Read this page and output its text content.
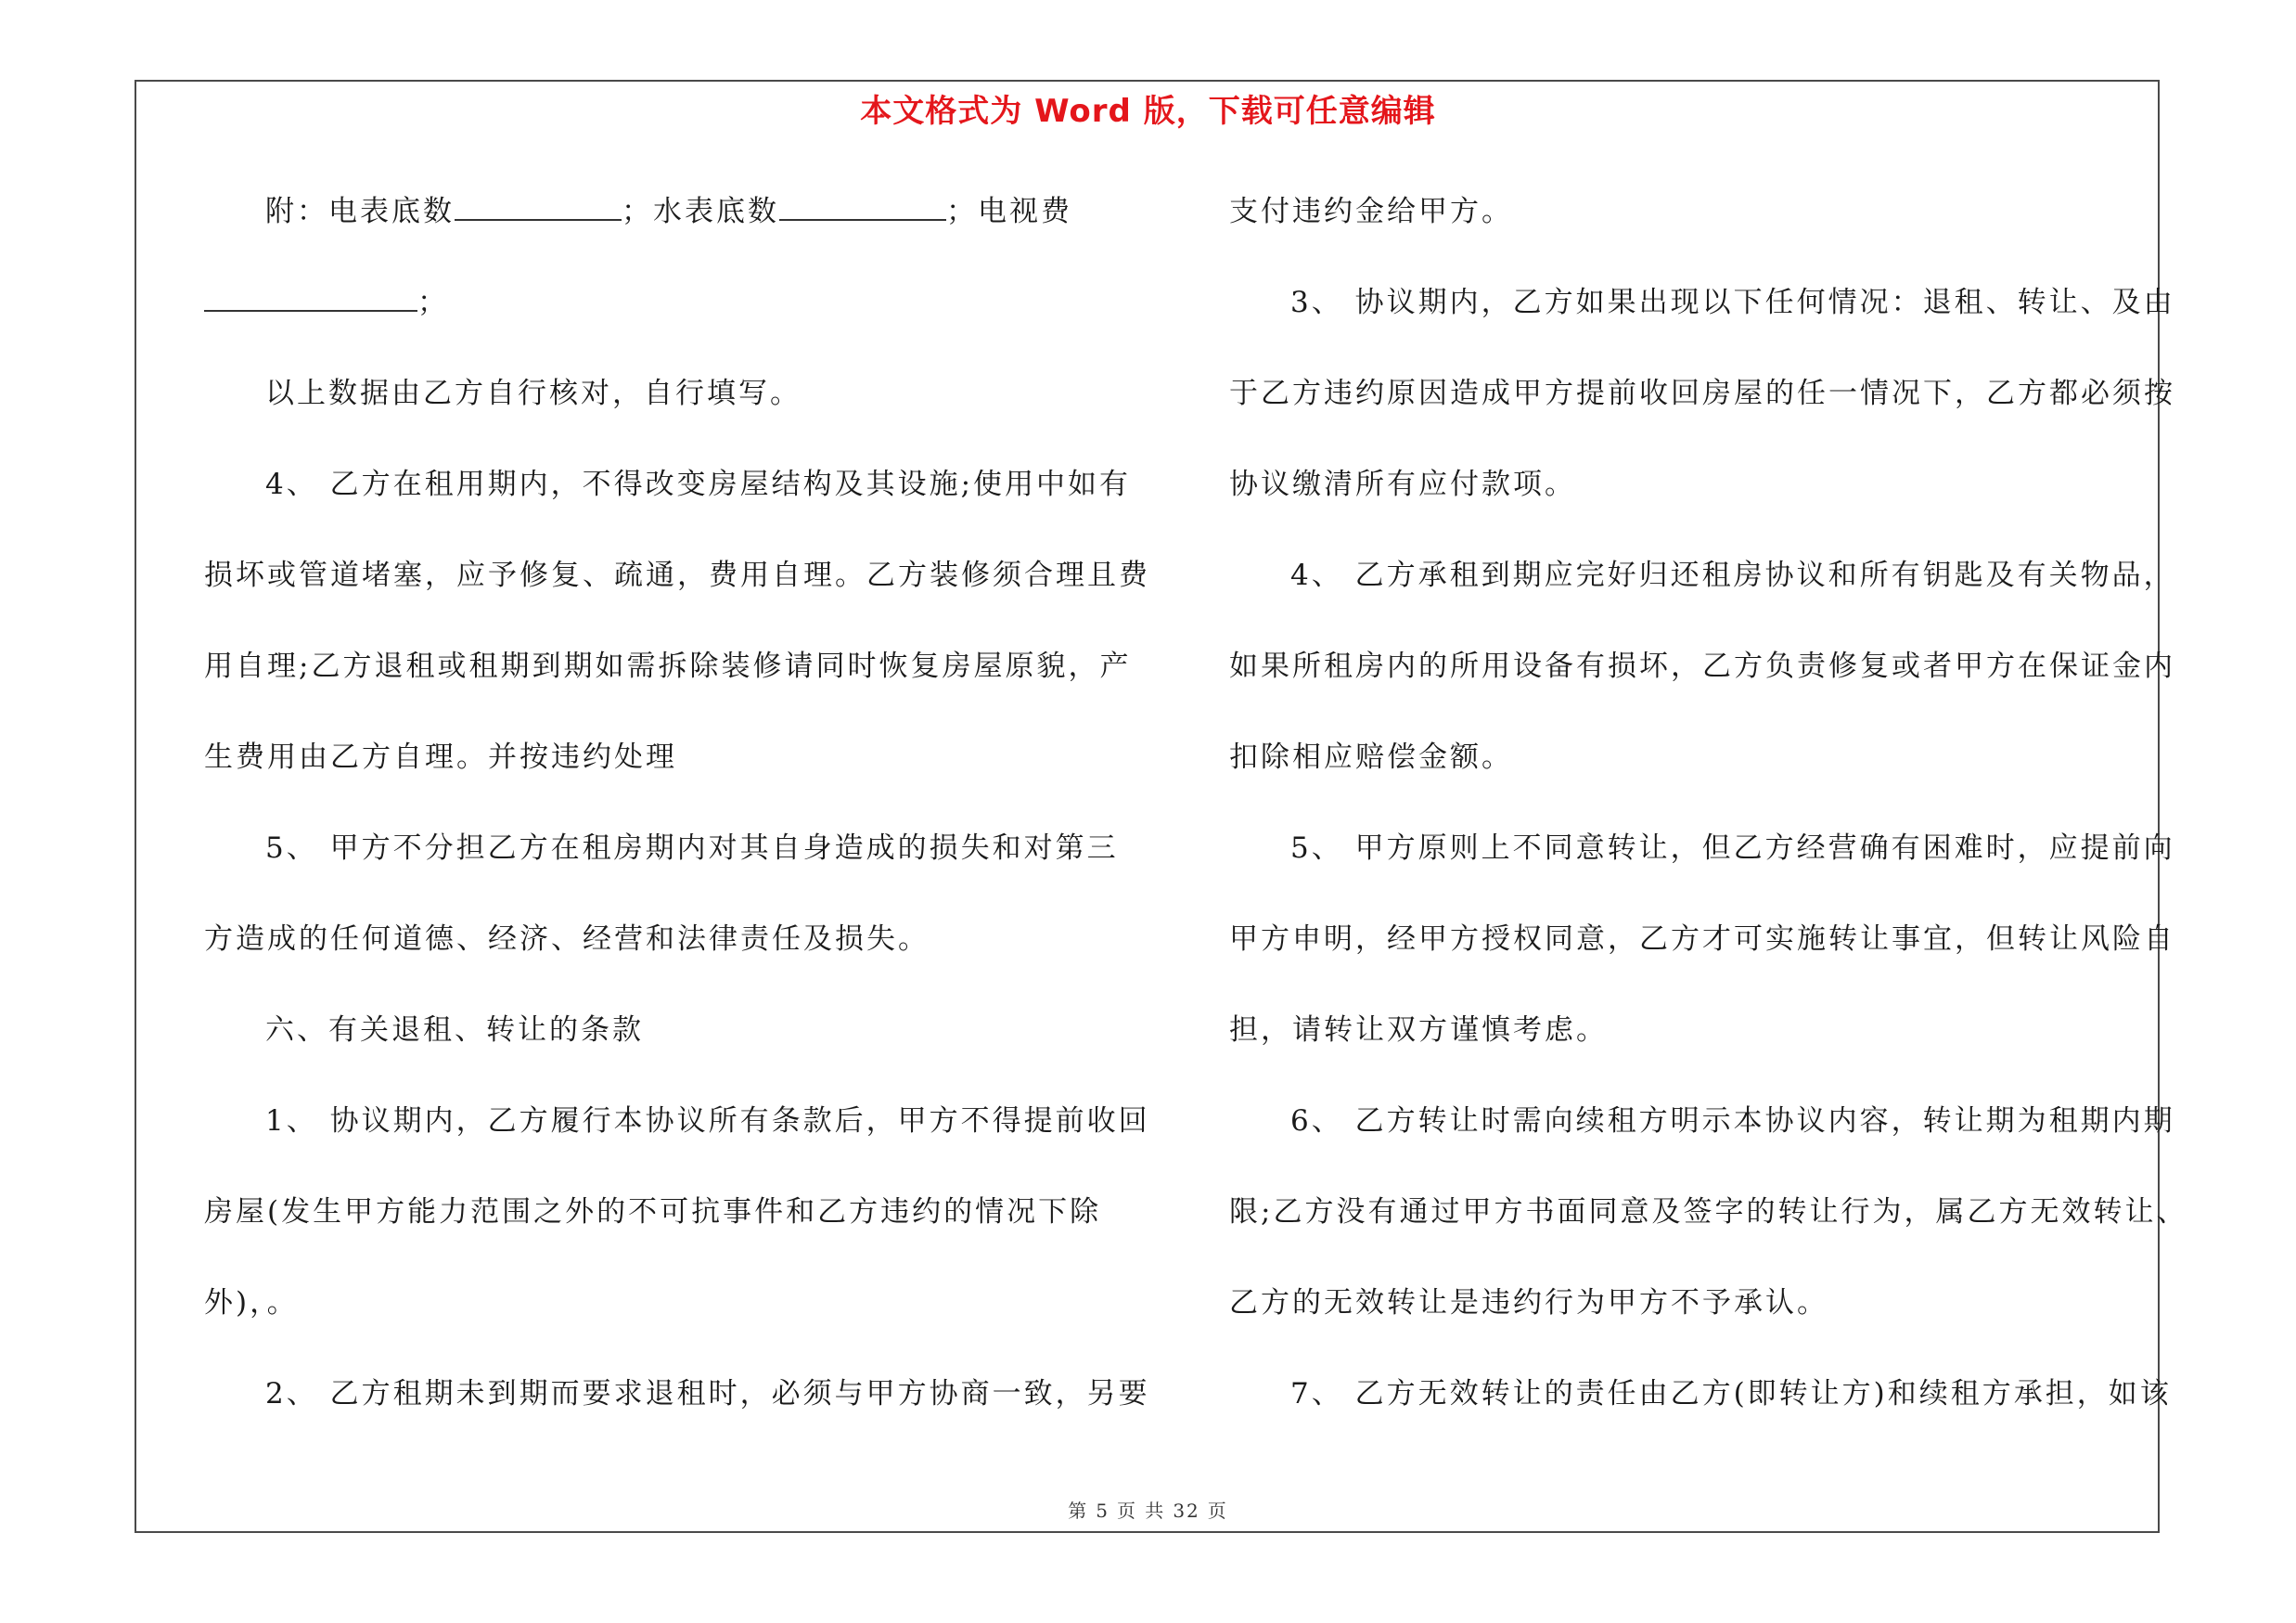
本文格式为 Word 版，下载可任意编辑
附：电表底数	；水表底数	；电视费
；
以上数据由乙方自行核对，自行填写。
4、 乙方在租用期内，不得改变房屋结构及其设施;使用中如有
损坏或管道堵塞，应予修复、疏通，费用自理。乙方装修须合理且费
用自理;乙方退租或租期到期如需拆除装修请同时恢复房屋原貌，产
生费用由乙方自理。并按违约处理
5、 甲方不分担乙方在租房期内对其自身造成的损失和对第三
方造成的任何道德、经济、经营和法律责任及损失。
六、有关退租、转让的条款
1、 协议期内，乙方履行本协议所有条款后，甲方不得提前收回
房屋(发生甲方能力范围之外的不可抗事件和乙方违约的情况下除
外)，。
2、 乙方租期未到期而要求退租时，必须与甲方协商一致，另要
支付违约金给甲方。
3、 协议期内，乙方如果出现以下任何情况：退租、转让、及由
于乙方违约原因造成甲方提前收回房屋的任一情况下，乙方都必须按
协议缴清所有应付款项。
4、 乙方承租到期应完好归还租房协议和所有钥匙及有关物品，
如果所租房内的所用设备有损坏，乙方负责修复或者甲方在保证金内
扣除相应赔偿金额。
5、 甲方原则上不同意转让，但乙方经营确有困难时，应提前向
甲方申明，经甲方授权同意，乙方才可实施转让事宜，但转让风险自
担，请转让双方谨慎考虑。
6、 乙方转让时需向续租方明示本协议内容，转让期为租期内期
限;乙方没有通过甲方书面同意及签字的转让行为，属乙方无效转让、
乙方的无效转让是违约行为甲方不予承认。
7、 乙方无效转让的责任由乙方(即转让方)和续租方承担，如该
第 5 页 共 32 页
